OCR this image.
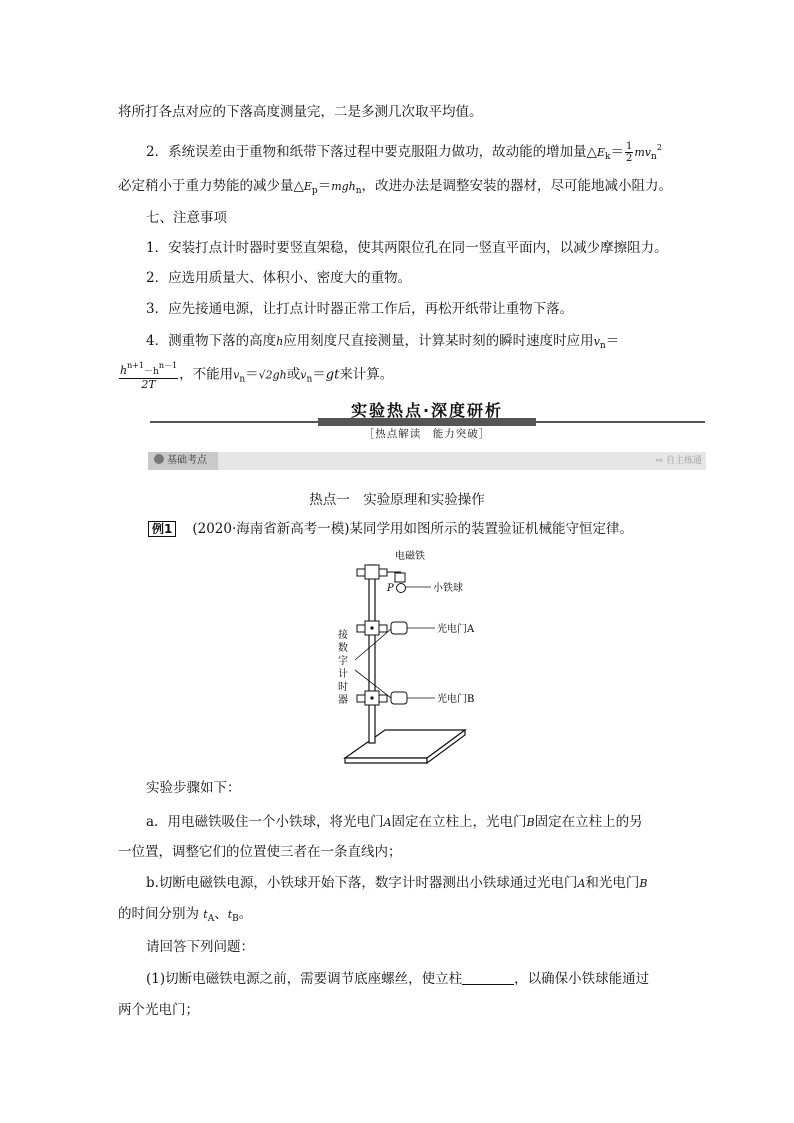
将所打各点对应的下落高度测量完，二是多测几次取平均值。
2．系统误差由于重物和纸带下落过程中要克服阻力做功，故动能的增加量$\triangle E_k= \frac{1}{2} mv_n^2$
必定稍小于重力势能的减少量$\triangle E_p=mgh_n$，改进办法是调整安装的器材，尽可能地减小阻力。
七、注意事项
1．安装打点计时器时要竖直架稳，使其两限位孔在同一竖直平面内，以减少摩擦阻力。
2．应选用质量大、体积小、密度大的重物。
3．应先接通电源，让打点计时器正常工作后，再松开纸带让重物下落。
4．测重物下落的高度h应用刻度尺直接测量，计算某时刻的瞬时速度时应用$v_n=$
$\frac{hn+1-hn-1}{2T}$ ，不能用$v_n=√2gh$或$v_n=gt$来计算。
实验热点·深度研析
［热点解读　能力突破］
基础考点	⇨ 自主练通
热点一　实验原理和实验操作
例1 (2020·海南省新高考一模)某同学用如图所示的装置验证机械能守恒定律。
电磁铁
P	小铁球
光电门A
光电门B
接
数
字
计
时
器
实验步骤如下：
a．用电磁铁吸住一个小铁球，将光电门A固定在立柱上，光电门B固定在立柱上的另
一位置，调整它们的位置使三者在一条直线内；
b.切断电磁铁电源，小铁球开始下落，数字计时器测出小铁球通过光电门A和光电门B
的时间分别为 $t_A$、$t_B$。
请回答下列问题：
(1)切断电磁铁电源之前，需要调节底座螺丝，使立柱	，以确保小铁球能通过
两个光电门；
